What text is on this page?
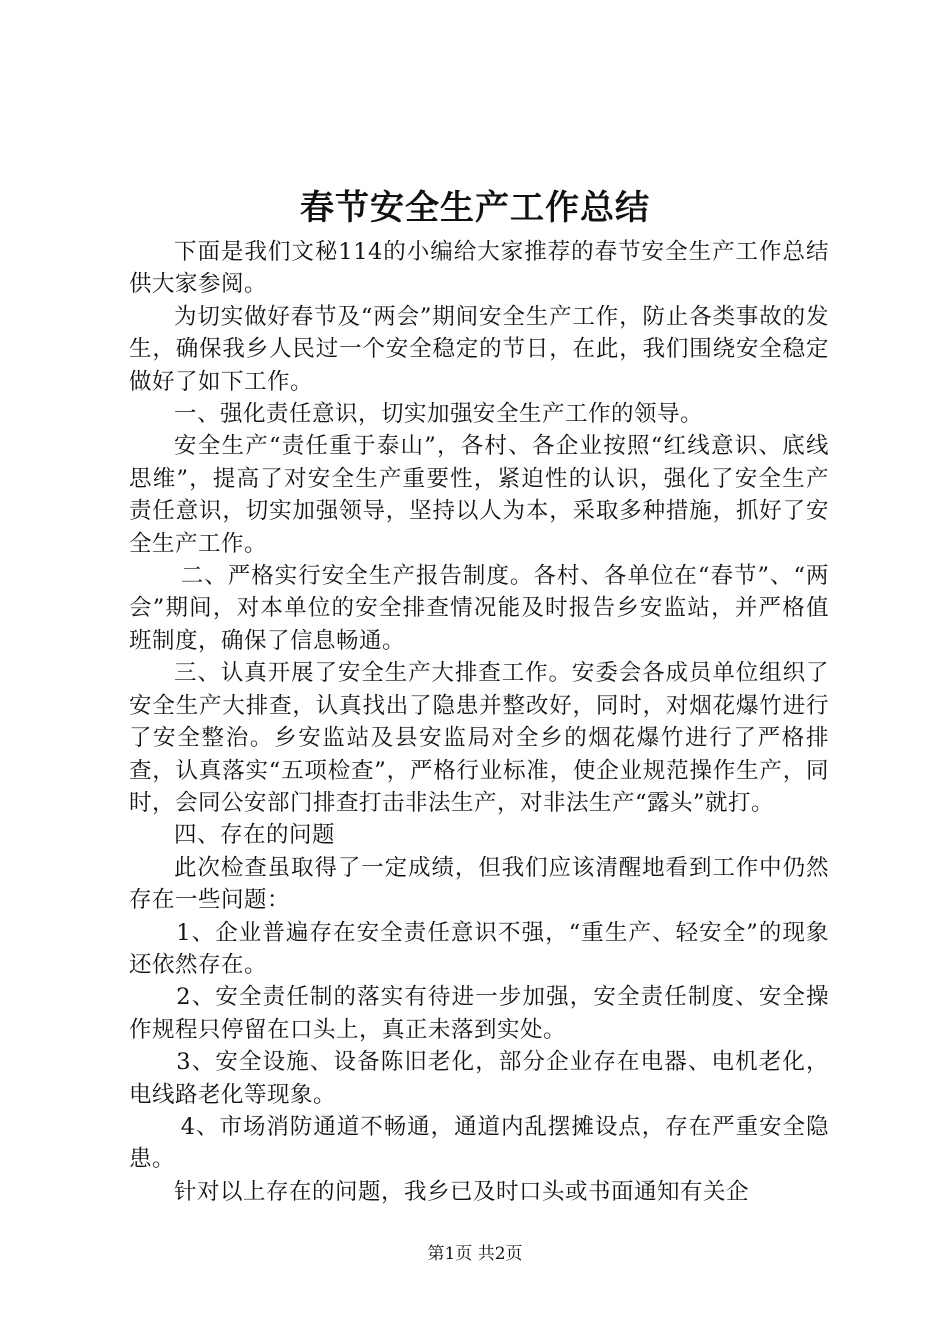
春节安全生产工作总结

下面是我们文秘114的小编给大家推荐的春节安全生产工作总结供大家参阅。

为切实做好春节及“两会”期间安全生产工作，防止各类事故的发生，确保我乡人民过一个安全稳定的节日，在此，我们围绕安全稳定做好了如下工作。

一、强化责任意识，切实加强安全生产工作的领导。

安全生产“责任重于泰山”，各村、各企业按照“红线意识、底线思维”，提高了对安全生产重要性，紧迫性的认识，强化了安全生产责任意识，切实加强领导，坚持以人为本，采取多种措施，抓好了安全生产工作。

二、严格实行安全生产报告制度。各村、各单位在“春节”、“两会”期间，对本单位的安全排查情况能及时报告乡安监站，并严格值班制度，确保了信息畅通。

三、认真开展了安全生产大排查工作。安委会各成员单位组织了安全生产大排查，认真找出了隐患并整改好，同时，对烟花爆竹进行了安全整治。乡安监站及县安监局对全乡的烟花爆竹进行了严格排查，认真落实“五项检查”，严格行业标准，使企业规范操作生产，同时，会同公安部门排查打击非法生产，对非法生产“露头”就打。

四、存在的问题

此次检查虽取得了一定成绩，但我们应该清醒地看到工作中仍然存在一些问题：

1、企业普遍存在安全责任意识不强，“重生产、轻安全”的现象还依然存在。

2、安全责任制的落实有待进一步加强，安全责任制度、安全操作规程只停留在口头上，真正未落到实处。

3、安全设施、设备陈旧老化，部分企业存在电器、电机老化，电线路老化等现象。

4、市场消防通道不畅通，通道内乱摆摊设点，存在严重安全隐患。

针对以上存在的问题，我乡已及时口头或书面通知有关企

第1页 共2页
